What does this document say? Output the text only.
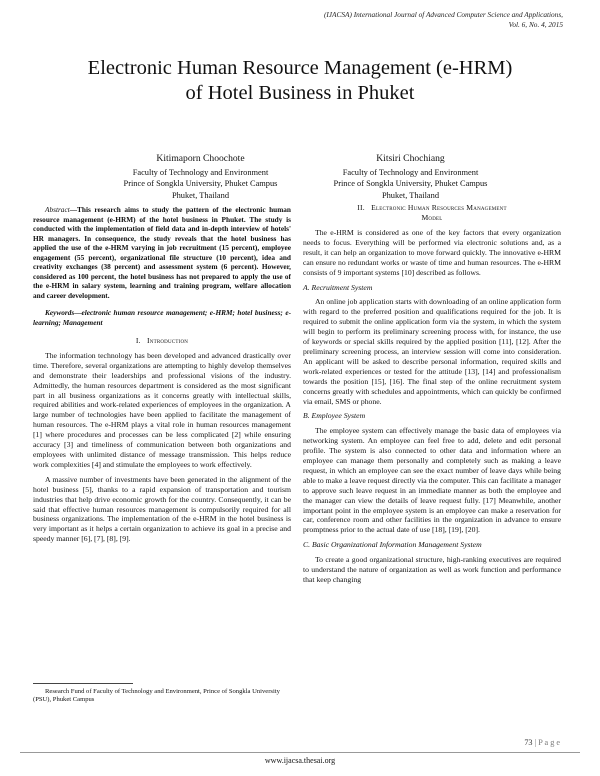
(IJACSA) International Journal of Advanced Computer Science and Applications,
Vol. 6, No. 4, 2015
Electronic Human Resource Management (e-HRM)
of Hotel Business in Phuket
Kitimaporn Choochote
Faculty of Technology and Environment
Prince of Songkla University, Phuket Campus
Phuket, Thailand
Kitsiri Chochiang
Faculty of Technology and Environment
Prince of Songkla University, Phuket Campus
Phuket, Thailand

Abstract—This research aims to study the pattern of the electronic human resource management (e-HRM) of the hotel business in Phuket. The study is conducted with the implementation of field data and in-depth interview of hotels' HR managers. In consequence, the study reveals that the hotel business has applied the use of the e-HRM varying in job recruitment (15 percent), employee engagement (55 percent), organizational file structure (10 percent), idea and creativity exchanges (38 percent) and assessment system (6 percent). However, considered as 100 percent, the hotel business has not prepared to apply the use of the e-HRM in salary system, learning and training program, welfare allocation and career development.

Keywords—electronic human resource management; e-HRM; hotel business; e-learning; Management

I. Introduction

The information technology has been developed and advanced drastically over time. Therefore, several organizations are attempting to highly develop themselves and demonstrate their leaderships and professional visions of the industry. Admittedly, the human resources department is considered as the most significant part in all business organizations as it concerns greatly with intellectual skills, required abilities and work-related experiences of employees in the organization. A large number of technologies have been applied to facilitate the management of human resources. The e-HRM plays a vital role in human resources management [1] where procedures and processes can be less complicated [2] while ensuring accuracy [3] and timeliness of communication between both organizations and employees with unlimited distance of message transmission. This helps reduce work complexities [4] and stimulate the employees to work effectively.

A massive number of investments have been generated in the alignment of the hotel business [5], thanks to a rapid expansion of transportation and tourism industries that help drive economic growth for the country. Consequently, it can be said that effective human resources management is compulsorily required for all business organizations. The implementation of the e-HRM in the hotel business is very important as it helps a certain organization to achieve its goal in a precise and speedy manner [6], [7], [8], [9].

Research Fund of Faculty of Technology and Environment, Prince of Songkla University (PSU), Phuket Campus
II. Electronic Human Resources Management
Model

The e-HRM is considered as one of the key factors that every organization needs to focus. Everything will be performed via electronic solutions and, as a result, it can help an organization to move forward quickly. The innovative e-HRM can ensure no redundant works or waste of time and human resources. The e-HRM consists of 9 important systems [10] described as follows.

A. Recruitment System

An online job application starts with downloading of an online application form with regard to the preferred position and qualifications required for the job. It is required to submit the online application form via the system, in which the system will begin to perform its preliminary screening process with, for instance, the use of keywords or special skills required by the applied position [11], [12]. After the preliminary screening process, an interview session will come into consideration. An applicant will be asked to describe personal information, required skills and work-related experiences or tested for the attitude [13], [14] and professionalism towards the position [15], [16]. The final step of the online recruitment system concerns greatly with schedules and appointments, which can quickly be confirmed via email, SMS or phone.

B. Employee System

The employee system can effectively manage the basic data of employees via networking system. An employee can feel free to add, delete and edit personal profile. The system is also connected to other data and information where an employee can manage them personally and completely such as making a leave request, in which an employee can see the exact number of leave days while being able to make a leave request directly via the computer. This can facilitate a manager to approve such leave request in an immediate manner as both the employee and the manager can view the details of leave request fully. [17] Meanwhile, another important point in the employee system is an employee can make a reservation for car, conference room and other facilities in the organization in advance to ensure promptness prior to the actual date of use [18], [19], [20].

C. Basic Organizational Information Management System

To create a good organizational structure, high-ranking executives are required to understand the nature of organization as well as work function and performance that keep changing

73 | P a g e
www.ijacsa.thesai.org
